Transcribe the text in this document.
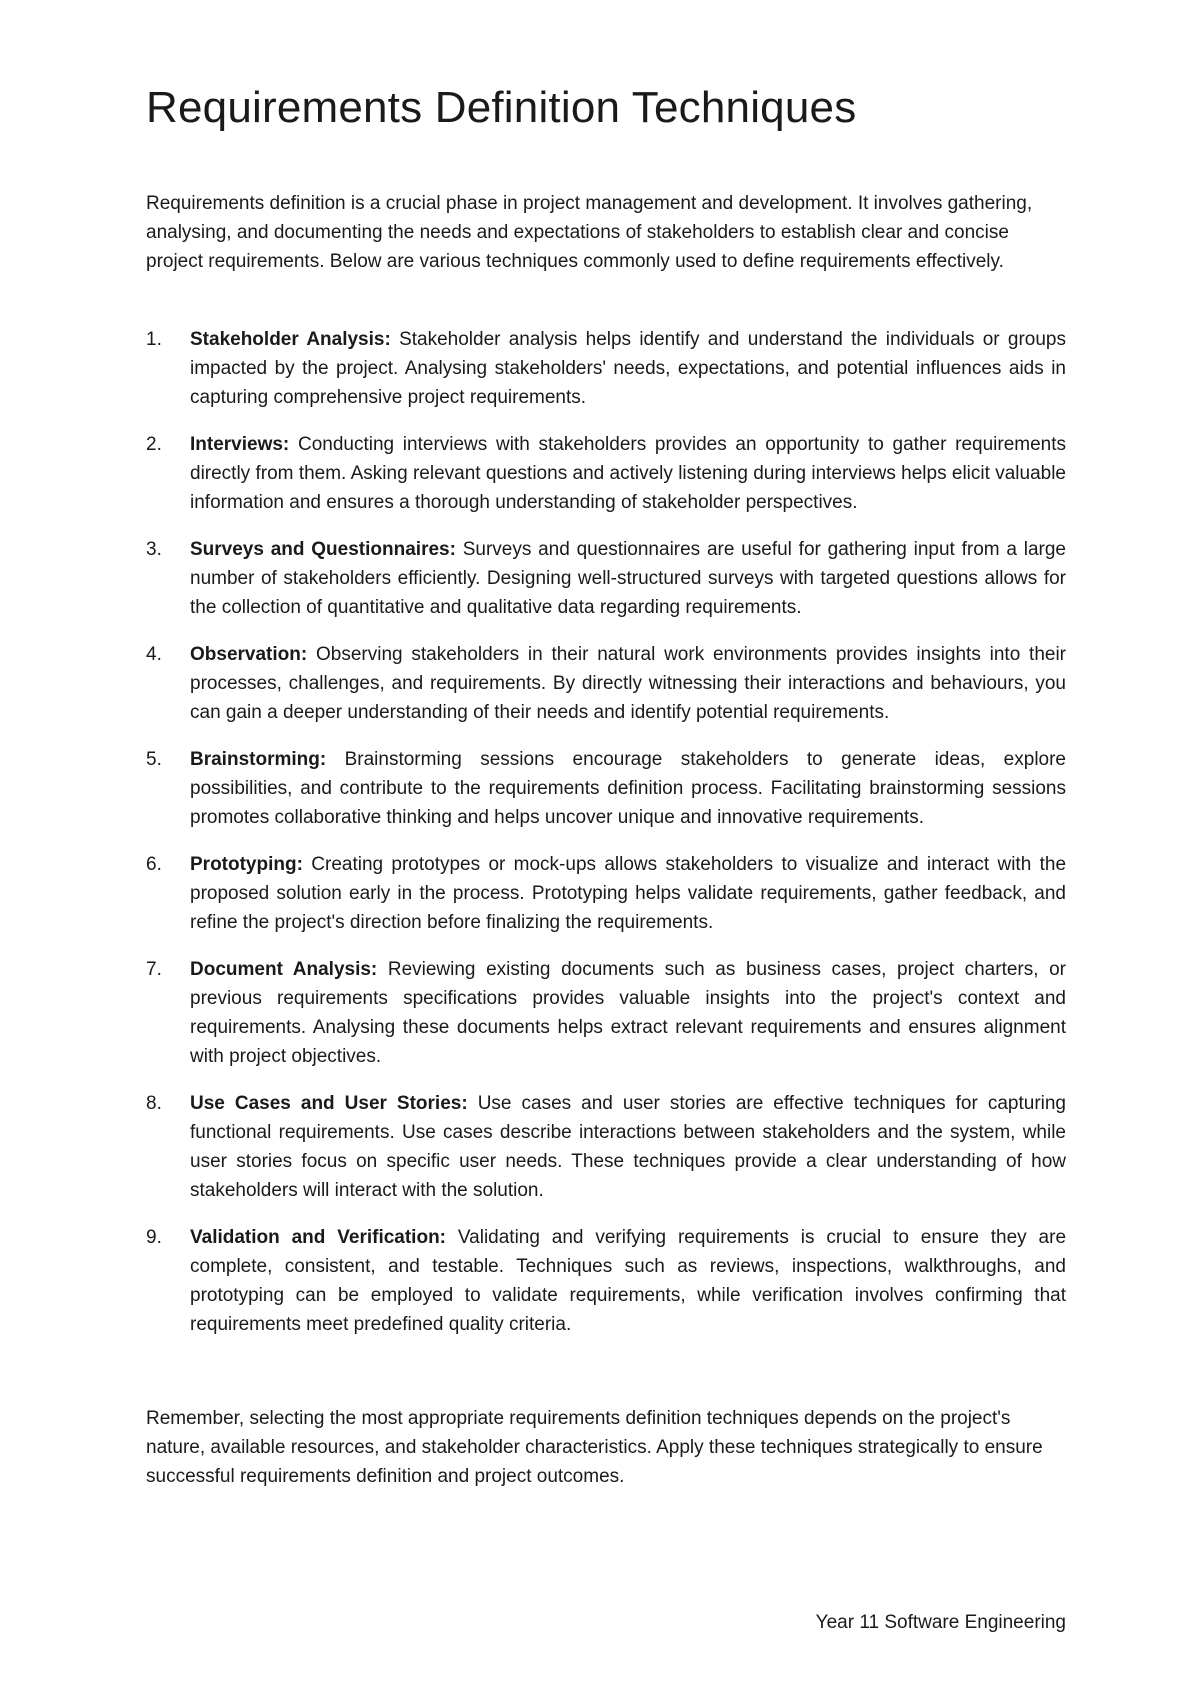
Requirements Definition Techniques

Requirements definition is a crucial phase in project management and development. It involves gathering, analysing, and documenting the needs and expectations of stakeholders to establish clear and concise project requirements. Below are various techniques commonly used to define requirements effectively.

1.	Stakeholder Analysis: Stakeholder analysis helps identify and understand the individuals or groups impacted by the project. Analysing stakeholders' needs, expectations, and potential influences aids in capturing comprehensive project requirements.
2.	Interviews: Conducting interviews with stakeholders provides an opportunity to gather requirements directly from them. Asking relevant questions and actively listening during interviews helps elicit valuable information and ensures a thorough understanding of stakeholder perspectives.
3.	Surveys and Questionnaires: Surveys and questionnaires are useful for gathering input from a large number of stakeholders efficiently. Designing well-structured surveys with targeted questions allows for the collection of quantitative and qualitative data regarding requirements.
4.	Observation: Observing stakeholders in their natural work environments provides insights into their processes, challenges, and requirements. By directly witnessing their interactions and behaviours, you can gain a deeper understanding of their needs and identify potential requirements.
5.	Brainstorming: Brainstorming sessions encourage stakeholders to generate ideas, explore possibilities, and contribute to the requirements definition process. Facilitating brainstorming sessions promotes collaborative thinking and helps uncover unique and innovative requirements.
6.	Prototyping: Creating prototypes or mock-ups allows stakeholders to visualize and interact with the proposed solution early in the process. Prototyping helps validate requirements, gather feedback, and refine the project's direction before finalizing the requirements.
7.	Document Analysis: Reviewing existing documents such as business cases, project charters, or previous requirements specifications provides valuable insights into the project's context and requirements. Analysing these documents helps extract relevant requirements and ensures alignment with project objectives.
8.	Use Cases and User Stories: Use cases and user stories are effective techniques for capturing functional requirements. Use cases describe interactions between stakeholders and the system, while user stories focus on specific user needs. These techniques provide a clear understanding of how stakeholders will interact with the solution.
9.	Validation and Verification: Validating and verifying requirements is crucial to ensure they are complete, consistent, and testable. Techniques such as reviews, inspections, walkthroughs, and prototyping can be employed to validate requirements, while verification involves confirming that requirements meet predefined quality criteria.

Remember, selecting the most appropriate requirements definition techniques depends on the project's nature, available resources, and stakeholder characteristics. Apply these techniques strategically to ensure successful requirements definition and project outcomes.

Year 11 Software Engineering
